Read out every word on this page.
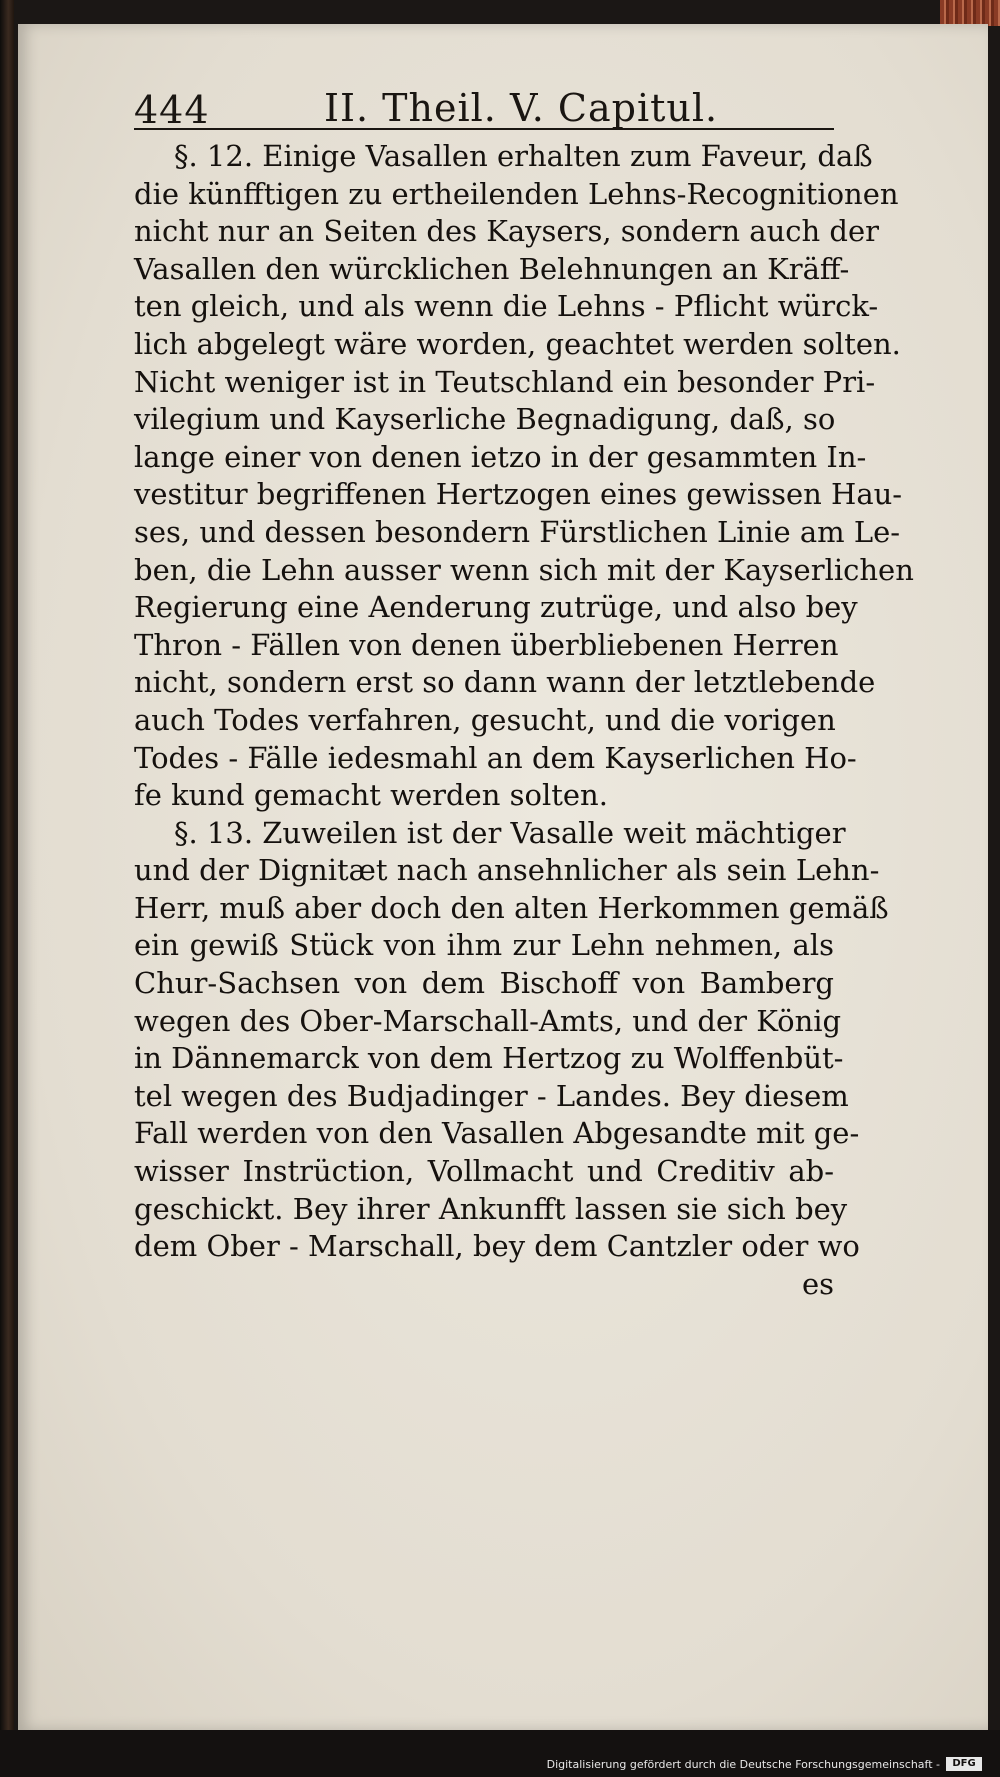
444	II. Theil. V. Capitul.
§. 12. Einige Vasallen erhalten zum Faveur, daß
die künfftigen zu ertheilenden Lehns-Recognitionen
nicht nur an Seiten des Kaysers, sondern auch der
Vasallen den würcklichen Belehnungen an Kräff-
ten gleich, und als wenn die Lehns - Pflicht würck-
lich abgelegt wäre worden, geachtet werden solten.
Nicht weniger ist in Teutschland ein besonder Pri-
vilegium und Kayserliche Begnadigung, daß, so
lange einer von denen ietzo in der gesammten In-
vestitur begriffenen Hertzogen eines gewissen Hau-
ses, und dessen besondern Fürstlichen Linie am Le-
ben, die Lehn ausser wenn sich mit der Kayserlichen
Regierung eine Aenderung zutrüge, und also bey
Thron - Fällen von denen überbliebenen Herren
nicht, sondern erst so dann wann der letztlebende
auch Todes verfahren, gesucht, und die vorigen
Todes - Fälle iedesmahl an dem Kayserlichen Ho-
fe kund gemacht werden solten.
§. 13. Zuweilen ist der Vasalle weit mächtiger
und der Dignitæt nach ansehnlicher als sein Lehn-
Herr, muß aber doch den alten Herkommen gemäß
ein gewiß Stück von ihm zur Lehn nehmen, als
Chur-Sachsen von dem Bischoff von Bamberg
wegen des Ober-Marschall-Amts, und der König
in Dännemarck von dem Hertzog zu Wolffenbüt-
tel wegen des Budjadinger - Landes. Bey diesem
Fall werden von den Vasallen Abgesandte mit ge-
wisser Instrüction, Vollmacht und Creditiv ab-
geschickt. Bey ihrer Ankunfft lassen sie sich bey
dem Ober - Marschall, bey dem Cantzler oder wo
es
Digitalisierung gefördert durch die Deutsche Forschungsgemeinschaft -	DFG
